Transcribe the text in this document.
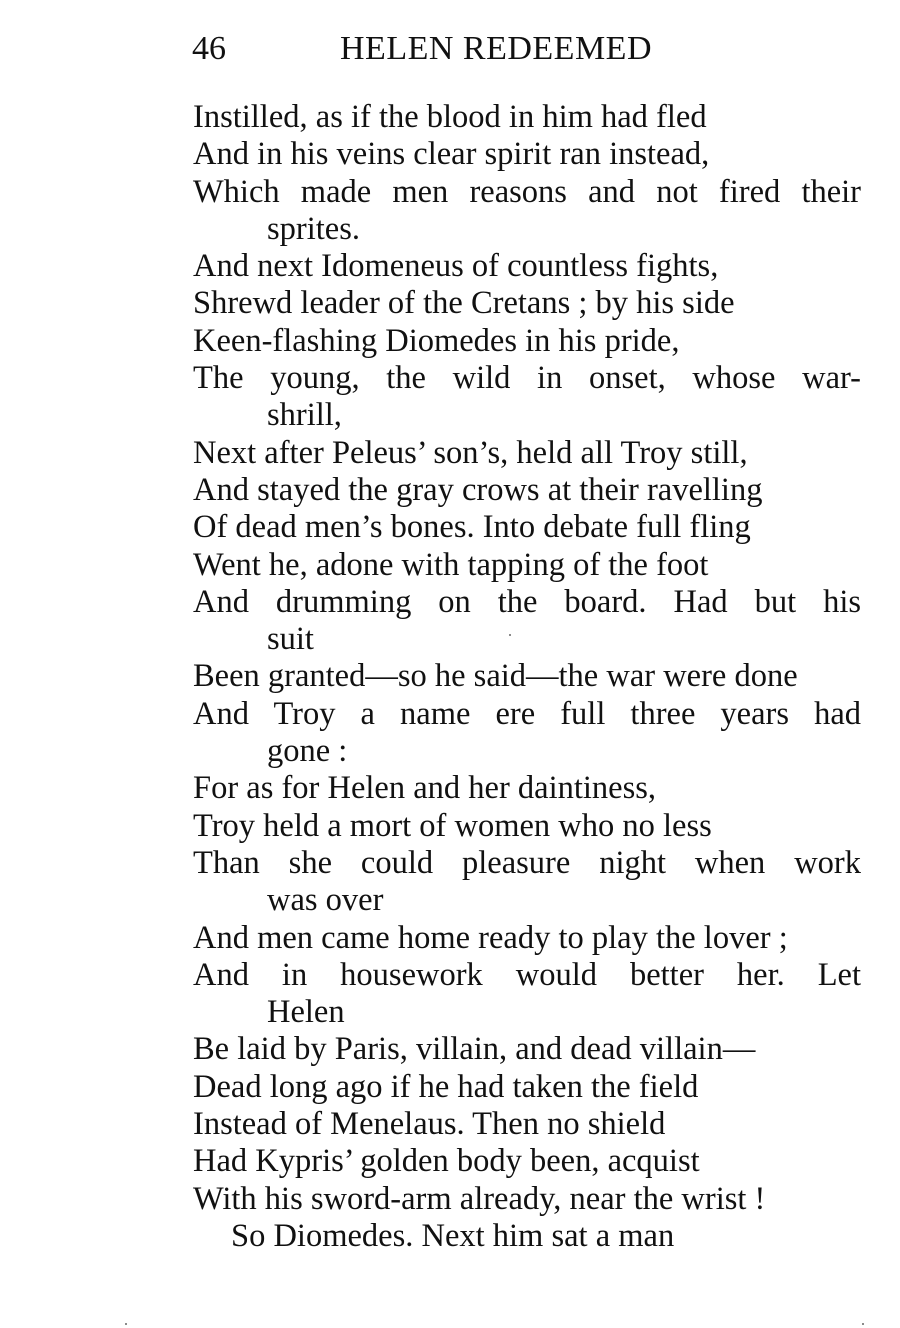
46	HELEN REDEEMED
Instilled, as if the blood in him had fled
And in his veins clear spirit ran instead,
Which made men reasons and not fired their
sprites.
And next Idomeneus of countless fights,
Shrewd leader of the Cretans ; by his side
Keen-flashing Diomedes in his pride,
The young, the wild in onset, whose war-
shrill,
Next after Peleus’ son’s, held all Troy still,
And stayed the gray crows at their ravelling
Of dead men’s bones. Into debate full fling
Went he, adone with tapping of the foot
And drumming on the board. Had but his
suit
Been granted—so he said—the war were done
And Troy a name ere full three years had
gone :
For as for Helen and her daintiness,
Troy held a mort of women who no less
Than she could pleasure night when work
was over
And men came home ready to play the lover ;
And in housework would better her. Let
Helen
Be laid by Paris, villain, and dead villain—
Dead long ago if he had taken the field
Instead of Menelaus. Then no shield
Had Kypris’ golden body been, acquist
With his sword-arm already, near the wrist !
So Diomedes. Next him sat a man
